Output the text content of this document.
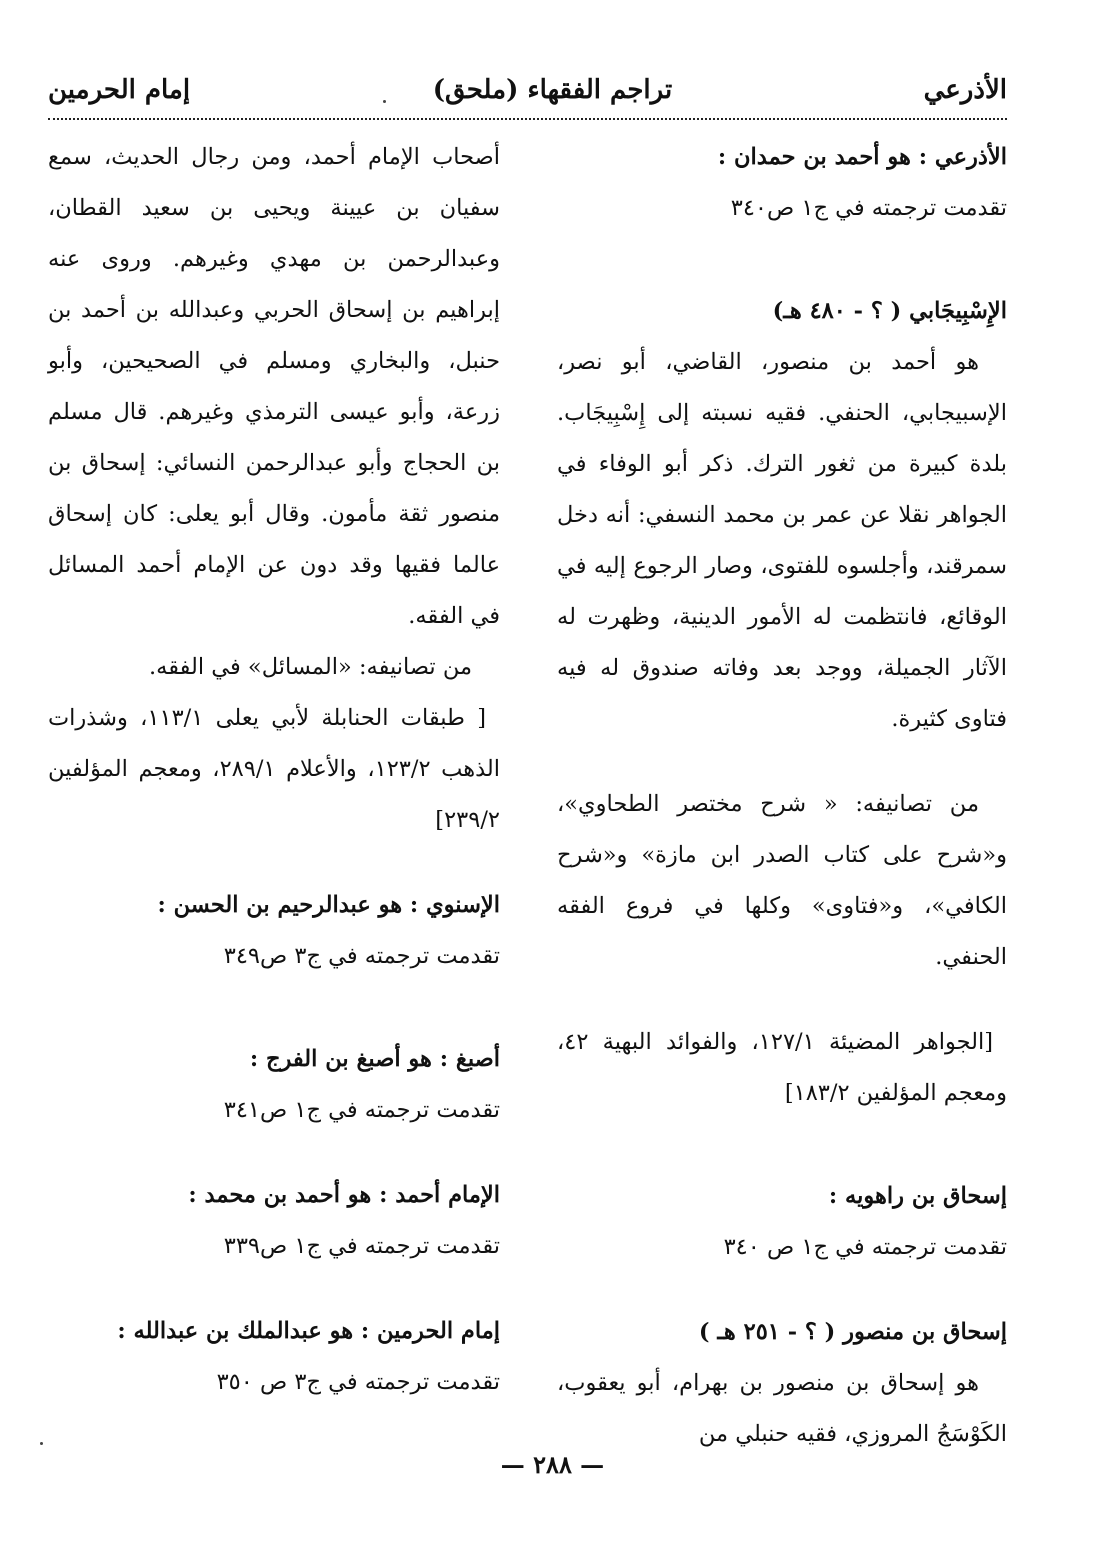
الأذرعي
(ملحق) تراجم الفقهاء
إمام الحرمين

الأذرعي : هو أحمد بن حمدان :

تقدمت ترجمته في ج١ ص٣٤٠

الإِسْبِيجَابي ( ؟ - ٤٨٠ هـ)

هو أحمد بن منصور، القاضي، أبو نصر، الإسبيجابي، الحنفي. فقيه نسبته إلى إِسْبِيجَاب. بلدة كبيرة من ثغور الترك. ذكر أبو الوفاء في الجواهر نقلا عن عمر بن محمد النسفي: أنه دخل سمرقند، وأجلسوه للفتوى، وصار الرجوع إليه في الوقائع، فانتظمت له الأمور الدينية، وظهرت له الآثار الجميلة، ووجد بعد وفاته صندوق له فيه فتاوى كثيرة.

من تصانيفه: « شرح مختصر الطحاوي»، و«شرح على كتاب الصدر ابن مازة» و«شرح الكافي»، و«فتاوى» وكلها في فروع الفقه الحنفي.

[الجواهر المضيئة ١٢٧/١، والفوائد البهية ٤٢، ومعجم المؤلفين ١٨٣/٢]

إسحاق بن راهويه :

تقدمت ترجمته في ج١ ص ٣٤٠

إسحاق بن منصور ( ؟ - ٢٥١ هـ )

هو إسحاق بن منصور بن بهرام، أبو يعقوب، الكَوْسَجُ المروزي، فقيه حنبلي من

أصحاب الإمام أحمد، ومن رجال الحديث، سمع سفيان بن عيينة ويحيى بن سعيد القطان، وعبدالرحمن بن مهدي وغيرهم. وروى عنه إبراهيم بن إسحاق الحربي وعبدالله بن أحمد بن حنبل، والبخاري ومسلم في الصحيحين، وأبو زرعة، وأبو عيسى الترمذي وغيرهم. قال مسلم بن الحجاج وأبو عبدالرحمن النسائي: إسحاق بن منصور ثقة مأمون. وقال أبو يعلى: كان إسحاق عالما فقيها وقد دون عن الإمام أحمد المسائل في الفقه.

من تصانيفه: «المسائل» في الفقه.

[ طبقات الحنابلة لأبي يعلى ١١٣/١، وشذرات الذهب ١٢٣/٢، والأعلام ٢٨٩/١، ومعجم المؤلفين ٢٣٩/٢]

الإسنوي : هو عبدالرحيم بن الحسن :

تقدمت ترجمته في ج٣ ص٣٤٩

أصبغ : هو أصبغ بن الفرج :

تقدمت ترجمته في ج١ ص٣٤١

الإمام أحمد : هو أحمد بن محمد :

تقدمت ترجمته في ج١ ص٣٣٩

إمام الحرمين : هو عبدالملك بن عبدالله :

تقدمت ترجمته في ج٣ ص ٣٥٠

— ٢٨٨ —
